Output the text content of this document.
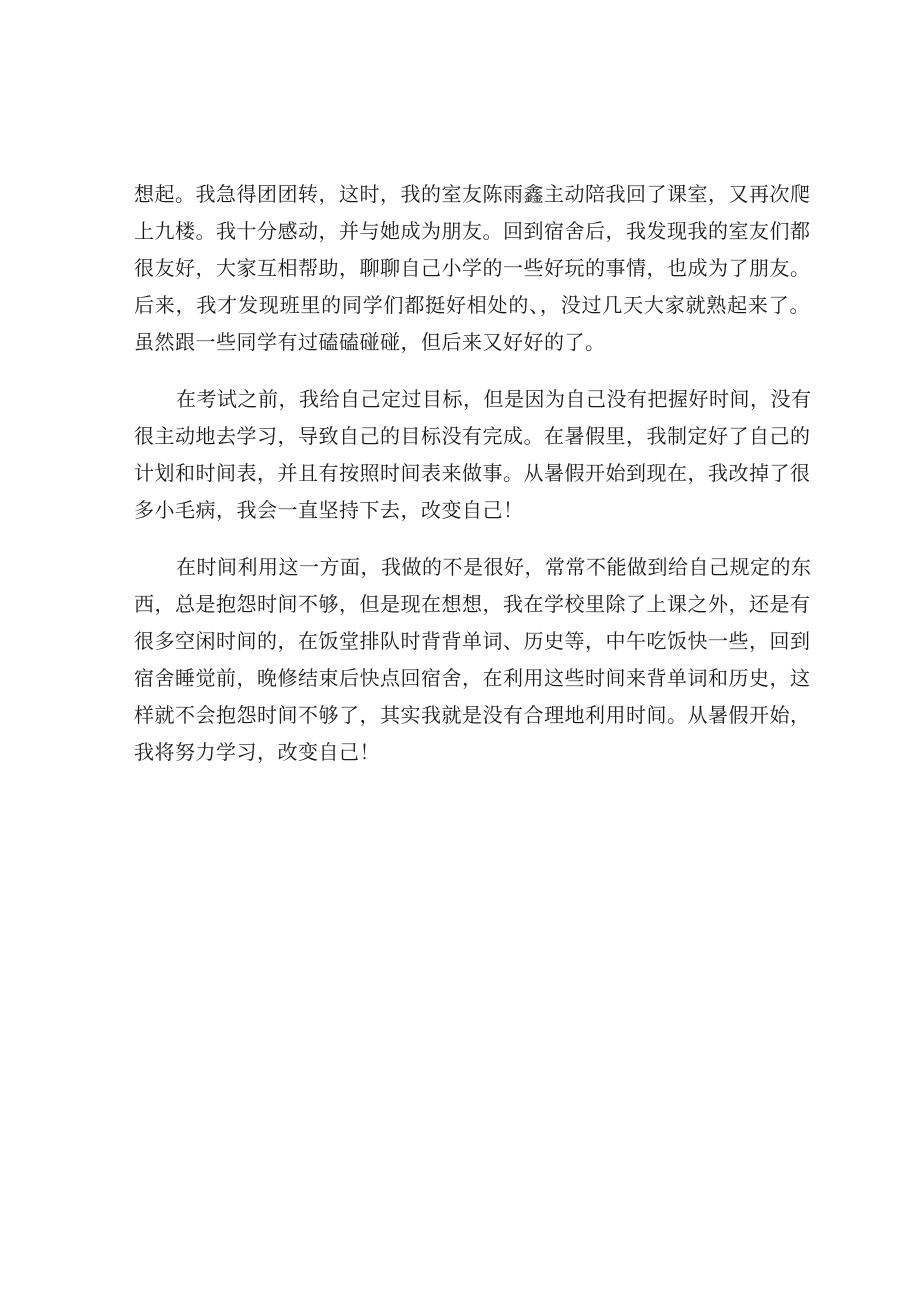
想起。我急得团团转，这时，我的室友陈雨鑫主动陪我回了课室，又再次爬
上九楼。我十分感动，并与她成为朋友。回到宿舍后，我发现我的室友们都
很友好，大家互相帮助，聊聊自己小学的一些好玩的事情，也成为了朋友。
后来，我才发现班里的同学们都挺好相处的、，没过几天大家就熟起来了。
虽然跟一些同学有过磕磕碰碰，但后来又好好的了。
在考试之前，我给自己定过目标，但是因为自己没有把握好时间，没有
很主动地去学习，导致自己的目标没有完成。在暑假里，我制定好了自己的
计划和时间表，并且有按照时间表来做事。从暑假开始到现在，我改掉了很
多小毛病，我会一直坚持下去，改变自己！
在时间利用这一方面，我做的不是很好，常常不能做到给自己规定的东
西，总是抱怨时间不够，但是现在想想，我在学校里除了上课之外，还是有
很多空闲时间的，在饭堂排队时背背单词、历史等，中午吃饭快一些，回到
宿舍睡觉前，晚修结束后快点回宿舍，在利用这些时间来背单词和历史，这
样就不会抱怨时间不够了，其实我就是没有合理地利用时间。从暑假开始，
我将努力学习，改变自己！
